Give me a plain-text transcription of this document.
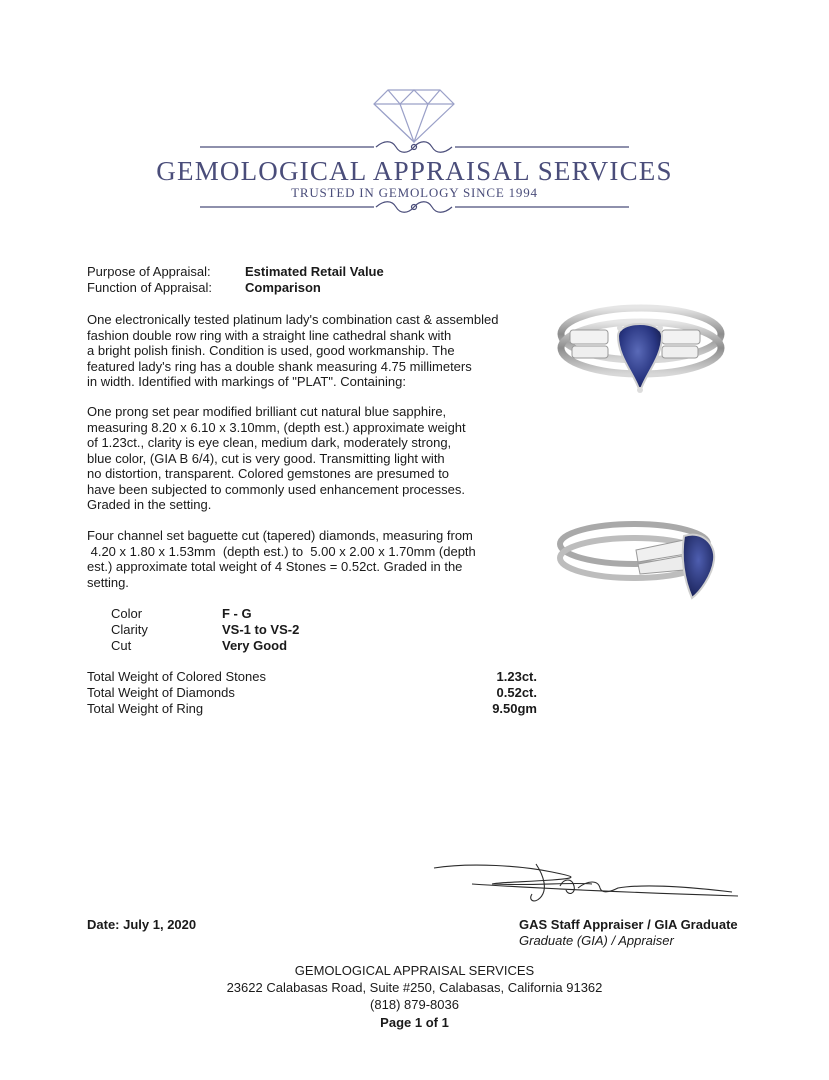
GEMOLOGICAL APPRAISAL SERVICES
TRUSTED IN GEMOLOGY SINCE 1994
Purpose of Appraisal:	Estimated Retail Value
Function of Appraisal:	Comparison
One electronically tested platinum lady's combination cast & assembled
fashion double row ring with a straight line cathedral shank with
a bright polish finish. Condition is used, good workmanship. The
featured lady's ring has a double shank measuring 4.75 millimeters
in width. Identified with markings of "PLAT". Containing:
One prong set pear modified brilliant cut natural blue sapphire,
measuring 8.20 x 6.10 x 3.10mm, (depth est.) approximate weight
of 1.23ct., clarity is eye clean, medium dark, moderately strong,
blue color, (GIA B 6/4), cut is very good. Transmitting light with
no distortion, transparent. Colored gemstones are presumed to
have been subjected to commonly used enhancement processes.
Graded in the setting.
Four channel set baguette cut (tapered) diamonds, measuring from
4.20 x 1.80 x 1.53mm  (depth est.) to  5.00 x 2.00 x 1.70mm (depth
est.) approximate total weight of 4 Stones = 0.52ct. Graded in the
setting.
Color	F - G
Clarity	VS-1 to VS-2
Cut	Very Good
Total Weight of Colored Stones	1.23ct.
Total Weight of Diamonds	0.52ct.
Total Weight of Ring	9.50gm
Date: July 1, 2020	GAS Staff Appraiser / GIA Graduate
Graduate (GIA) / Appraiser
GEMOLOGICAL APPRAISAL SERVICES
23622 Calabasas Road, Suite #250, Calabasas, California 91362
(818) 879-8036
Page 1 of 1
